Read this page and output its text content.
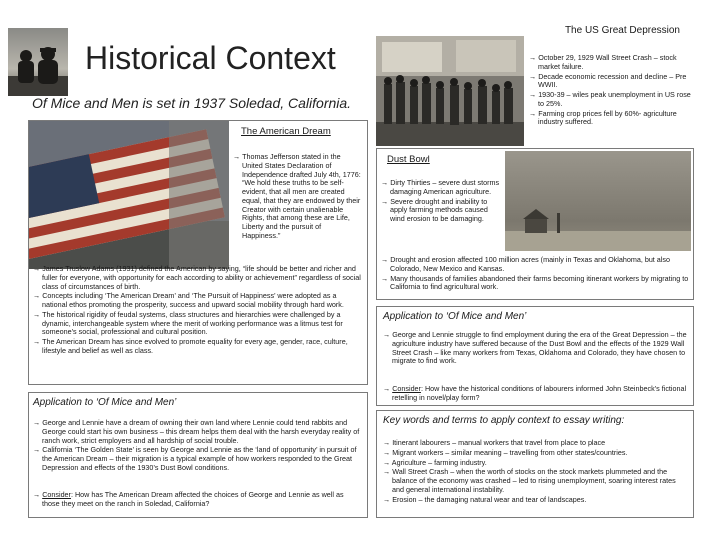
Historical Context
Of Mice and Men is set in 1937 Soledad, California.
The US Great Depression

→ October 29, 1929 Wall Street Crash – stock market failure.

→ Decade economic recession and decline – Pre WWII.

→ 1930-39 – wiles peak unemployment in US rose to 25%.

→ Farming crop prices fell by 60%- agriculture industry suffered.

The American Dream

→ Thomas Jefferson stated in the United States Declaration of Independence drafted July 4th, 1776: “We hold these truths to be self-evident, that all men are created equal, that they are endowed by their Creator with certain unalienable Rights, that among these are Life, Liberty and the pursuit of Happiness.”

→ James Truslow Adams (1931) defined the American by saying, “life should be better and richer and fuller for everyone, with opportunity for each according to ability or achievement” regardless of social class of circumstances of birth.

→ Concepts including ‘The American Dream’ and ‘The Pursuit of Happiness’ were adopted as a national ethos promoting the prosperity, success and upward social mobility through hard work.

→ The historical rigidity of feudal systems, class structures and hierarchies were challenged by a dynamic, interchangeable system where the merit of working performance was a litmus test for someone’s social, professional and cultural position.

→ The American Dream has since evolved to promote equality for every age, gender, race, culture, lifestyle and belief as well as class.

Dust Bowl

→ Dirty Thirties – severe dust storms damaging American agriculture.

→ Severe drought and inability to apply farming methods caused wind erosion to be damaging.

→ Drought and erosion affected 100 million acres (mainly in Texas and Oklahoma, but also Colorado, New Mexico and Kansas.

→ Many thousands of families abandoned their farms becoming itinerant workers by migrating to California to find agricultural work.

Application to ‘Of Mice and Men’

→ George and Lennie struggle to find employment during the era of the Great Depression – the agriculture industry have suffered because of the Dust Bowl and the effects of the 1929 Wall Street Crash – like many workers from Texas, Oklahoma and Colorado, they have chosen to migrate to find work.

→ Consider: How have the historical conditions of labourers informed John Steinbeck’s fictional retelling in novel/play form?

Application to ‘Of Mice and Men’

→ George and Lennie have a dream of owning their own land where Lennie could tend rabbits and George could start his own business – this dream helps them deal with the harsh everyday reality of ranch work, strict employers and all hardship of social trouble.

→ California ‘The Golden State’ is seen by George and Lennie as the ‘land of opportunity’ in pursuit of the American Dream – their migration is a typical example of how workers responded to the Great Depression and effects of the 1930’s Dust Bowl conditions.

→ Consider: How has The American Dream affected the choices of George and Lennie as well as those they meet on the ranch in Soledad, California?

Key words and terms to apply context to essay writing:

→ Itinerant labourers – manual workers that travel from place to place

→ Migrant workers – similar meaning – travelling from other states/countries.

→ Agriculture – farming industry.

→ Wall Street Crash – when the worth of stocks on the stock markets plummeted and the balance of the economy was crashed – led to rising unemployment, soaring interest rates and general international instability.

→ Erosion – the damaging natural wear and tear of landscapes.
